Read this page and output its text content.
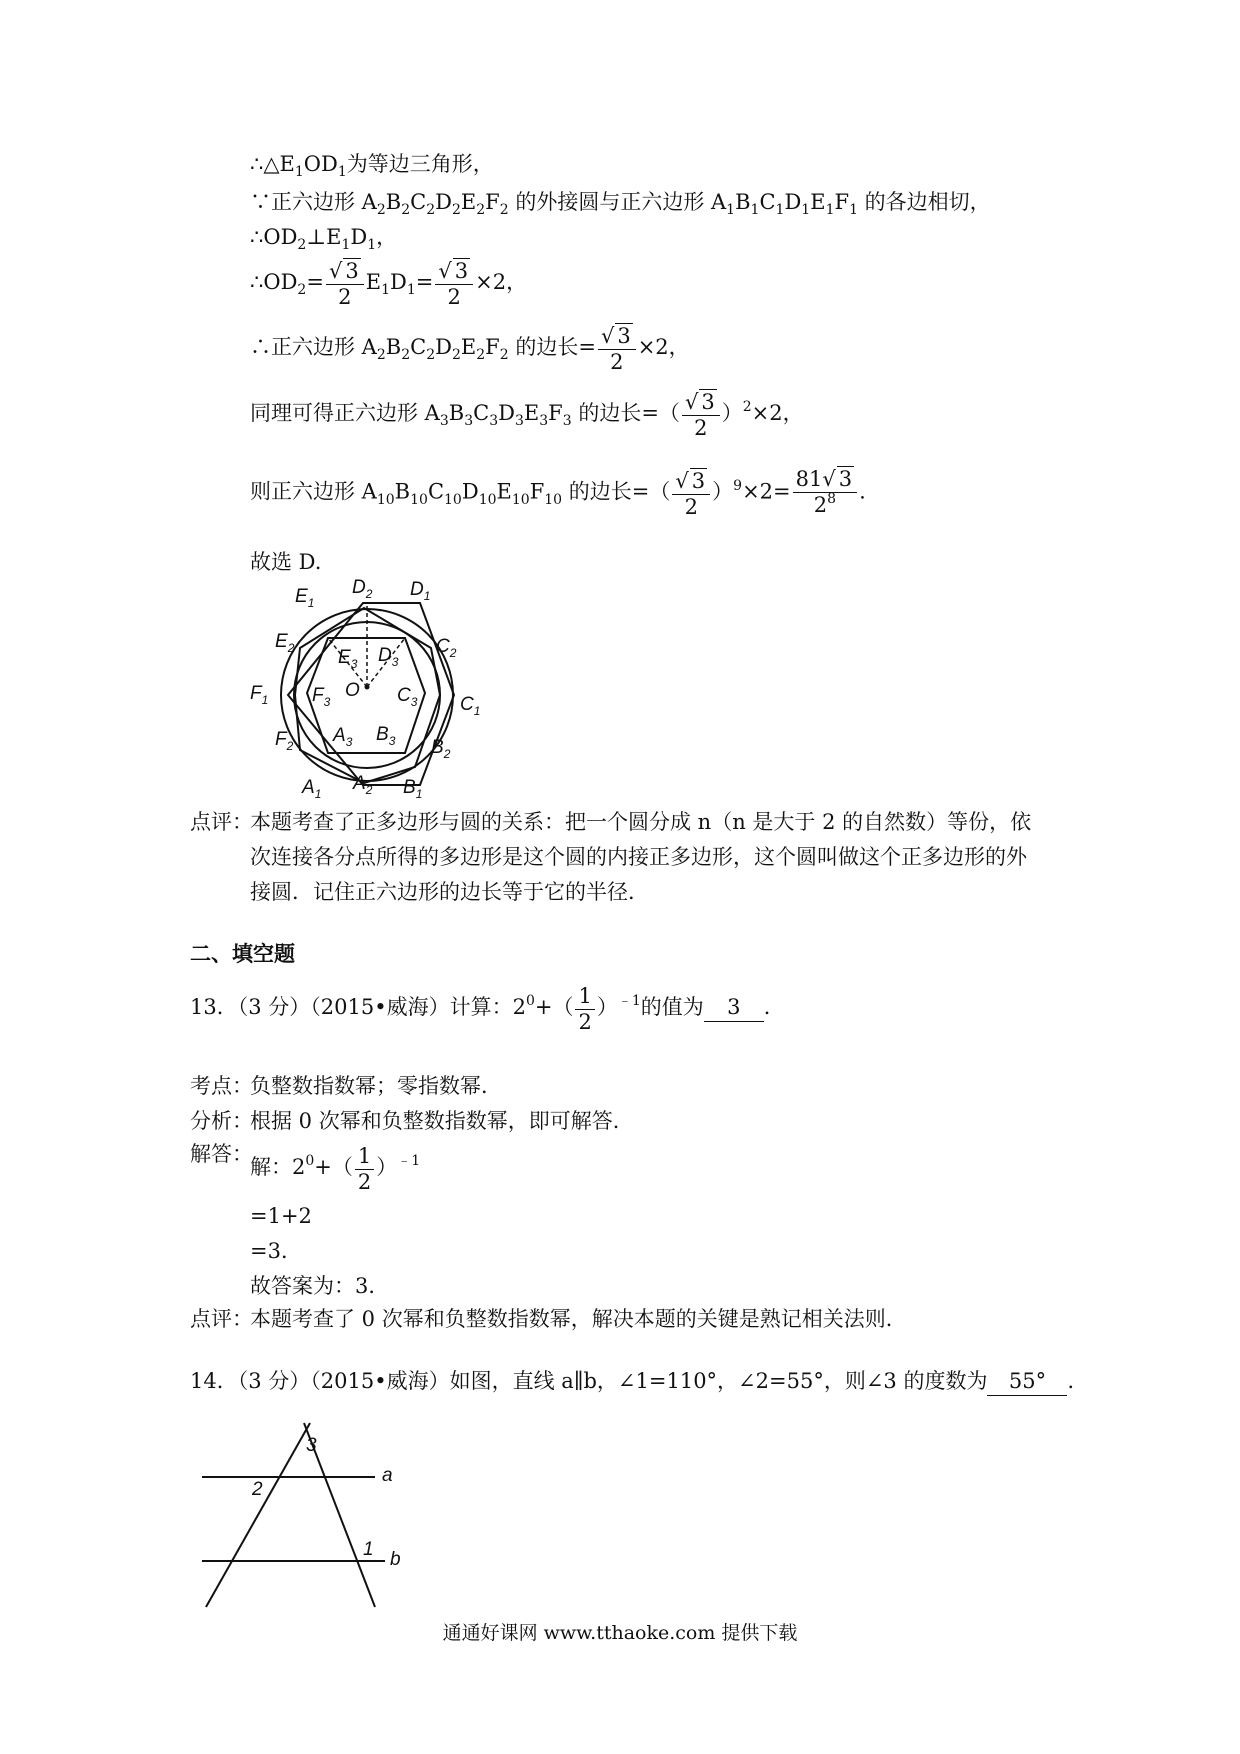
$\therefore\triangle E_1OD_1$为等边三角形，
∵正六边形 $A_2B_2C_2D_2E_2F_2$ 的外接圆与正六边形 $A_1B_1C_1D_1E_1F_1$ 的各边相切，
$\therefore OD_2\perp E_1D_1$，
$\therefore OD_2= \frac{√ 3}{2} E_1D_1= \frac{√ 3}{2} \times 2$，
∴正六边形 $A_2B_2C_2D_2E_2F_2$ 的边长= $\frac{√ 3}{2} \times 2$，
同理可得正六边形 $A_3B_3C_3D_3E_3F_3$ 的边长=（ $\frac{√ 3}{2} )^2\times 2$，
则正六边形 $A_{10}B_{10}C_{10}D_{10}E_{10}F_{10}$ 的边长=（ $\frac{√ 3}{2} )^9\times 2= \frac{81√ 3}{2^8}$ .
故选 D.
$E_1$
$D_2$ $D_1$
$E_2$	$C_2$
$E_3$ $D_3$
$F_1$ $F_3$
O $C_3$ $C_1$
$F_2$ $A_3$ $B_3$ $B_2$
$A_1$ $A_2$ $B_1$
点评：
本题考查了正多边形与圆的关系：把一个圆分成 n（n 是大于 2 的自然数）等份，依
次连接各分点所得的多边形是这个圆的内接正多边形，这个圆叫做这个正多边形的外
接圆．记住正六边形的边长等于它的半径．
二、填空题
13．（3 分）（2015•威海）计算：$2^0+( \frac{1}{2} )^{﹣1}$的值为 3 ．
考点：
负整数指数幂；零指数幂．
分析：
根据 0 次幂和负整数指数幂，即可解答．
解答：
解：$2^0+( \frac{1}{2} )^{﹣1}$
=1+2
=3．
故答案为：3．
点评：
本题考查了 0 次幂和负整数指数幂，解决本题的关键是熟记相关法则．
14．（3 分）（2015•威海）如图，直线 a∥b，∠1=110°，∠2=55°，则∠3 的度数为 55° ．
3
2
1
a
b
通通好课网 www.tthaoke.com 提供下载
